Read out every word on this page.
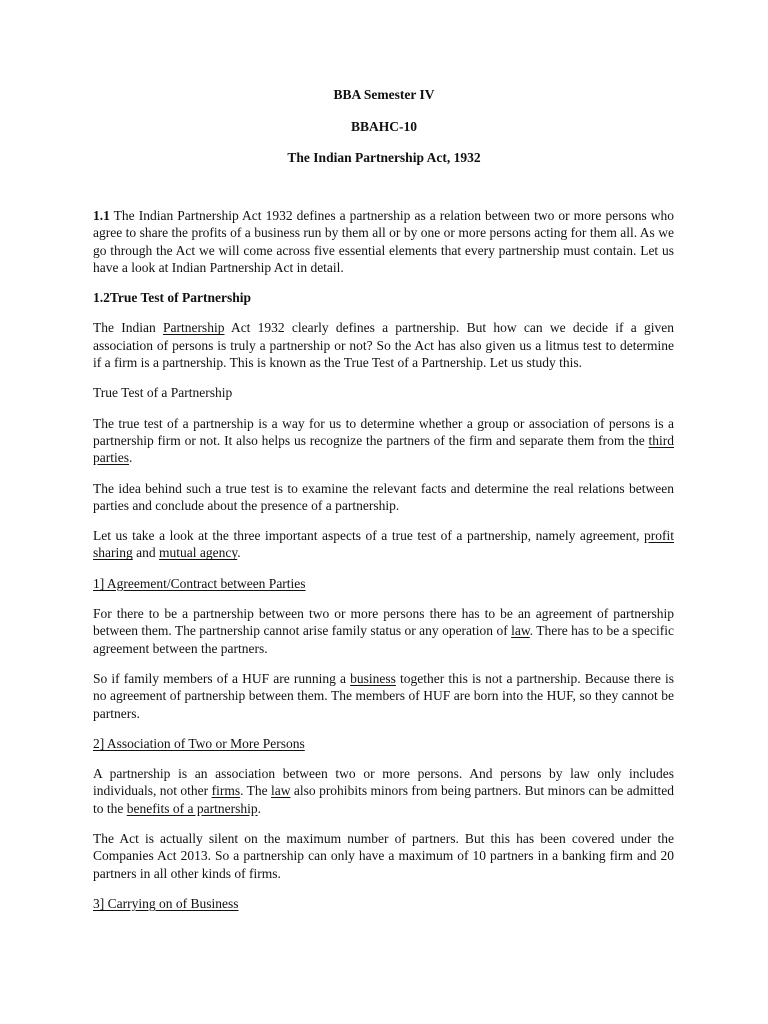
BBA Semester IV
BBAHC-10
The Indian Partnership Act, 1932

1.1 The Indian Partnership Act 1932 defines a partnership as a relation between two or more persons who agree to share the profits of a business run by them all or by one or more persons acting for them all. As we go through the Act we will come across five essential elements that every partnership must contain. Let us have a look at Indian Partnership Act in detail.

1.2True Test of Partnership

The Indian Partnership Act 1932 clearly defines a partnership. But how can we decide if a given association of persons is truly a partnership or not? So the Act has also given us a litmus test to determine if a firm is a partnership. This is known as the True Test of a Partnership. Let us study this.

True Test of a Partnership

The true test of a partnership is a way for us to determine whether a group or association of persons is a partnership firm or not. It also helps us recognize the partners of the firm and separate them from the third parties.

The idea behind such a true test is to examine the relevant facts and determine the real relations between parties and conclude about the presence of a partnership.

Let us take a look at the three important aspects of a true test of a partnership, namely agreement, profit sharing and mutual agency.

1] Agreement/Contract between Parties

For there to be a partnership between two or more persons there has to be an agreement of partnership between them. The partnership cannot arise family status or any operation of law. There has to be a specific agreement between the partners.

So if family members of a HUF are running a business together this is not a partnership. Because there is no agreement of partnership between them. The members of HUF are born into the HUF, so they cannot be partners.

2] Association of Two or More Persons

A partnership is an association between two or more persons. And persons by law only includes individuals, not other firms. The law also prohibits minors from being partners. But minors can be admitted to the benefits of a partnership.

The Act is actually silent on the maximum number of partners. But this has been covered under the Companies Act 2013. So a partnership can only have a maximum of 10 partners in a banking firm and 20 partners in all other kinds of firms.

3] Carrying on of Business
